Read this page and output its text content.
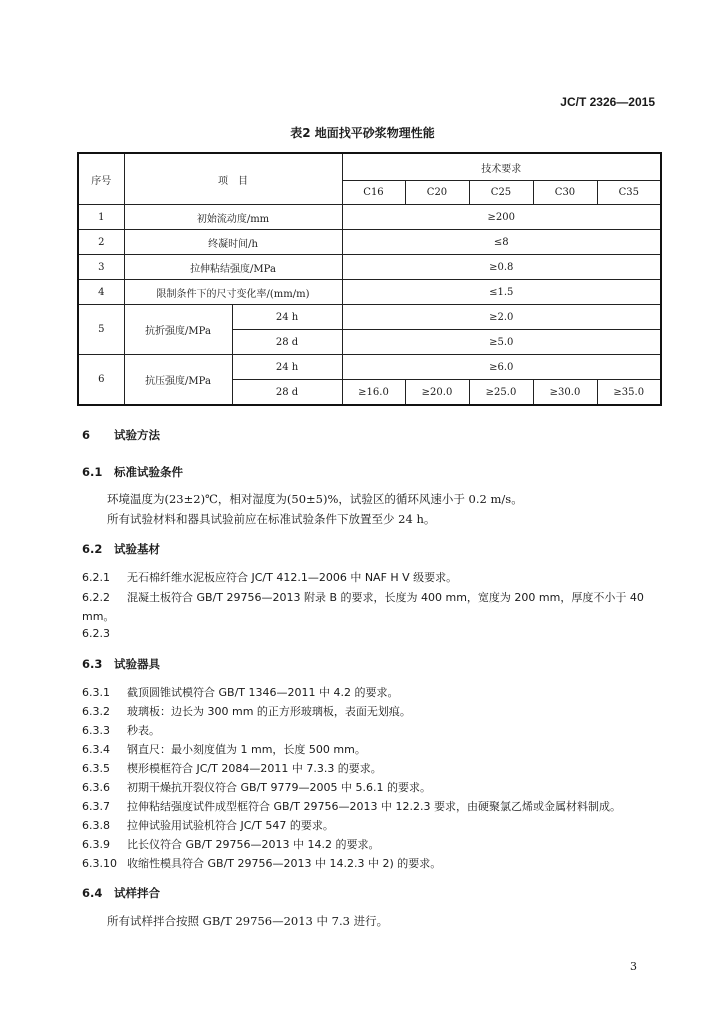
JC/T 2326—2015
表2 地面找平砂浆物理性能
序号	项　目		技术要求				
			C16	C20	C25	C30	C35
1	初始流动度/mm		≥200				
2	终凝时间/h		≤8				
3	拉伸粘结强度/MPa		≥0.8				
4	限制条件下的尺寸变化率/(mm/m)		≤1.5				
5	抗折强度/MPa	24 h	≥2.0				
		28 d	≥5.0				
6	抗压强度/MPa	24 h	≥6.0				
		28 d	≥16.0	≥20.0	≥25.0	≥30.0	≥35.0
6 试验方法
6.1 标准试验条件
环境温度为(23±2)℃，相对湿度为(50±5)%，试验区的循环风速小于 0.2 m/s。
所有试验材料和器具试验前应在标准试验条件下放置至少 24 h。
6.2 试验基材
6.2.1 无石棉纤维水泥板应符合 JC/T 412.1—2006 中 NAF H V 级要求。
6.2.2 混凝土板符合 GB/T 29756—2013 附录 B 的要求，长度为 400 mm，宽度为 200 mm，厚度不小于 40 mm。
6.2.3
6.3 试验器具
6.3.1 截顶圆锥试模符合 GB/T 1346—2011 中 4.2 的要求。
6.3.2 玻璃板：边长为 300 mm 的正方形玻璃板，表面无划痕。
6.3.3 秒表。
6.3.4 钢直尺：最小刻度值为 1 mm，长度 500 mm。
6.3.5 楔形模框符合 JC/T 2084—2011 中 7.3.3 的要求。
6.3.6 初期干燥抗开裂仪符合 GB/T 9779—2005 中 5.6.1 的要求。
6.3.7 拉伸粘结强度试件成型框符合 GB/T 29756—2013 中 12.2.3 要求，由硬聚氯乙烯或金属材料制成。
6.3.8 拉伸试验用试验机符合 JC/T 547 的要求。
6.3.9 比长仪符合 GB/T 29756—2013 中 14.2 的要求。
6.3.10 收缩性模具符合 GB/T 29756—2013 中 14.2.3 中 2) 的要求。
6.4 试样拌合
所有试样拌合按照 GB/T 29756—2013 中 7.3 进行。
3
